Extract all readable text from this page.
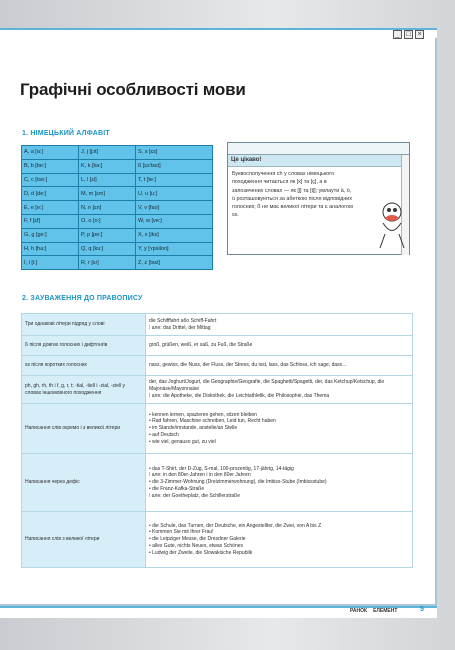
_ □ ×
Графічні особливості мови
1. НІМЕЦЬКИЙ АЛФАВІТ
A, a [a:]	J, j [jɔt]	S, s [ɛs]
B, b [be:]	K, k [ka:]	ß [ɛs'tsɛt]
C, c [tse:]	L, l [ɛl]	T, t [te:]
D, d [de:]	M, m [ɛm]	U, u [u:]
E, e [e:]	N, n [ɛn]	V, v [fao]
F, f [ɛf]	O, o [o:]	W, w [ve:]
G, g [ge:]	P, p [pe:]	X, x [iks]
H, h [ha:]	Q, q [ku:]	Y, y [ʏpsilon]
I, i [i:]	R, r [ɛr]	Z, z [tsɛt]
Це цікаво!
Буквосполучення ch у словах німецького походження читається як [x] та [ç], а в запозичених словах — як [ʃ] та [tʃ]; умлаути ä, ö, ü розташовуються за абеткою після відповідних голосних; ß не має великої літери та є аналогом ss.
2. ЗАУВАЖЕННЯ ДО ПРАВОПИСУ
Три однакові літери підряд у слові	die Schifffahrt або Schiff-Fahrt
⁞ але: das Drittel, der Mittag
ß після довгих голосних і дифтонгів	groß, grüßen, weiß, er saß, zu Fuß, die Straße
ss після коротких голосних	nass, gewiss, die Nuss, der Fluss, der Stress, du isst, lass, das Schloss, ich sage, dass…
ph, gh, rh, th і f, g, r, t; -tial, -tiell і -zial, -ziell у словах іншомовного походження	der, das Joghurt/Jogurt, die Geographie/Geografie, die Spaghetti/Spagetti, der, das Ketchup/Ketschup, die Majonäse/Mayonnaise
⁞ але: die Apotheke, die Diskothek, die Leichtathletik, die Philosophie, das Thema
Написання слів окремо і з великої літери	• kennen lernen, spazieren gehen, sitzen bleiben
• Rad fahren, Maschine schreiben, Leid tun, Recht haben
• im Stande/imstande, anstelle/an Stelle
• auf Deutsch
• wie viel, genauso gut, zu viel
Написання через дефіс	• das T-Shirt, der D-Zug, S-mal, 100-prozentig, 17-jährig, 14-tägig
⁞ але: in den 80er-Jahren і in den 80er Jahren
• die 3-Zimmer-Wohnung (Dreizimmerwohnung), die Imbiss-Stube (Imbissstube)
• die Franz-Kafka-Straße
⁞ але: der Goetheplatz, die Schillerstraße
Написання слів з великої літери	• die Schule, das Turnen, der Deutsche, ein Angestellter, die Zwei, von A bis Z
• Kommen Sie mit Ihrer Frau!
• die Leipziger Messe, die Dresdner Galerie
• alles Gute, nichts Neues, etwas Schönes
• Ludwig der Zweite, die Slowakische Republik
РАНОК ЕЛЕМЕНТ	5
